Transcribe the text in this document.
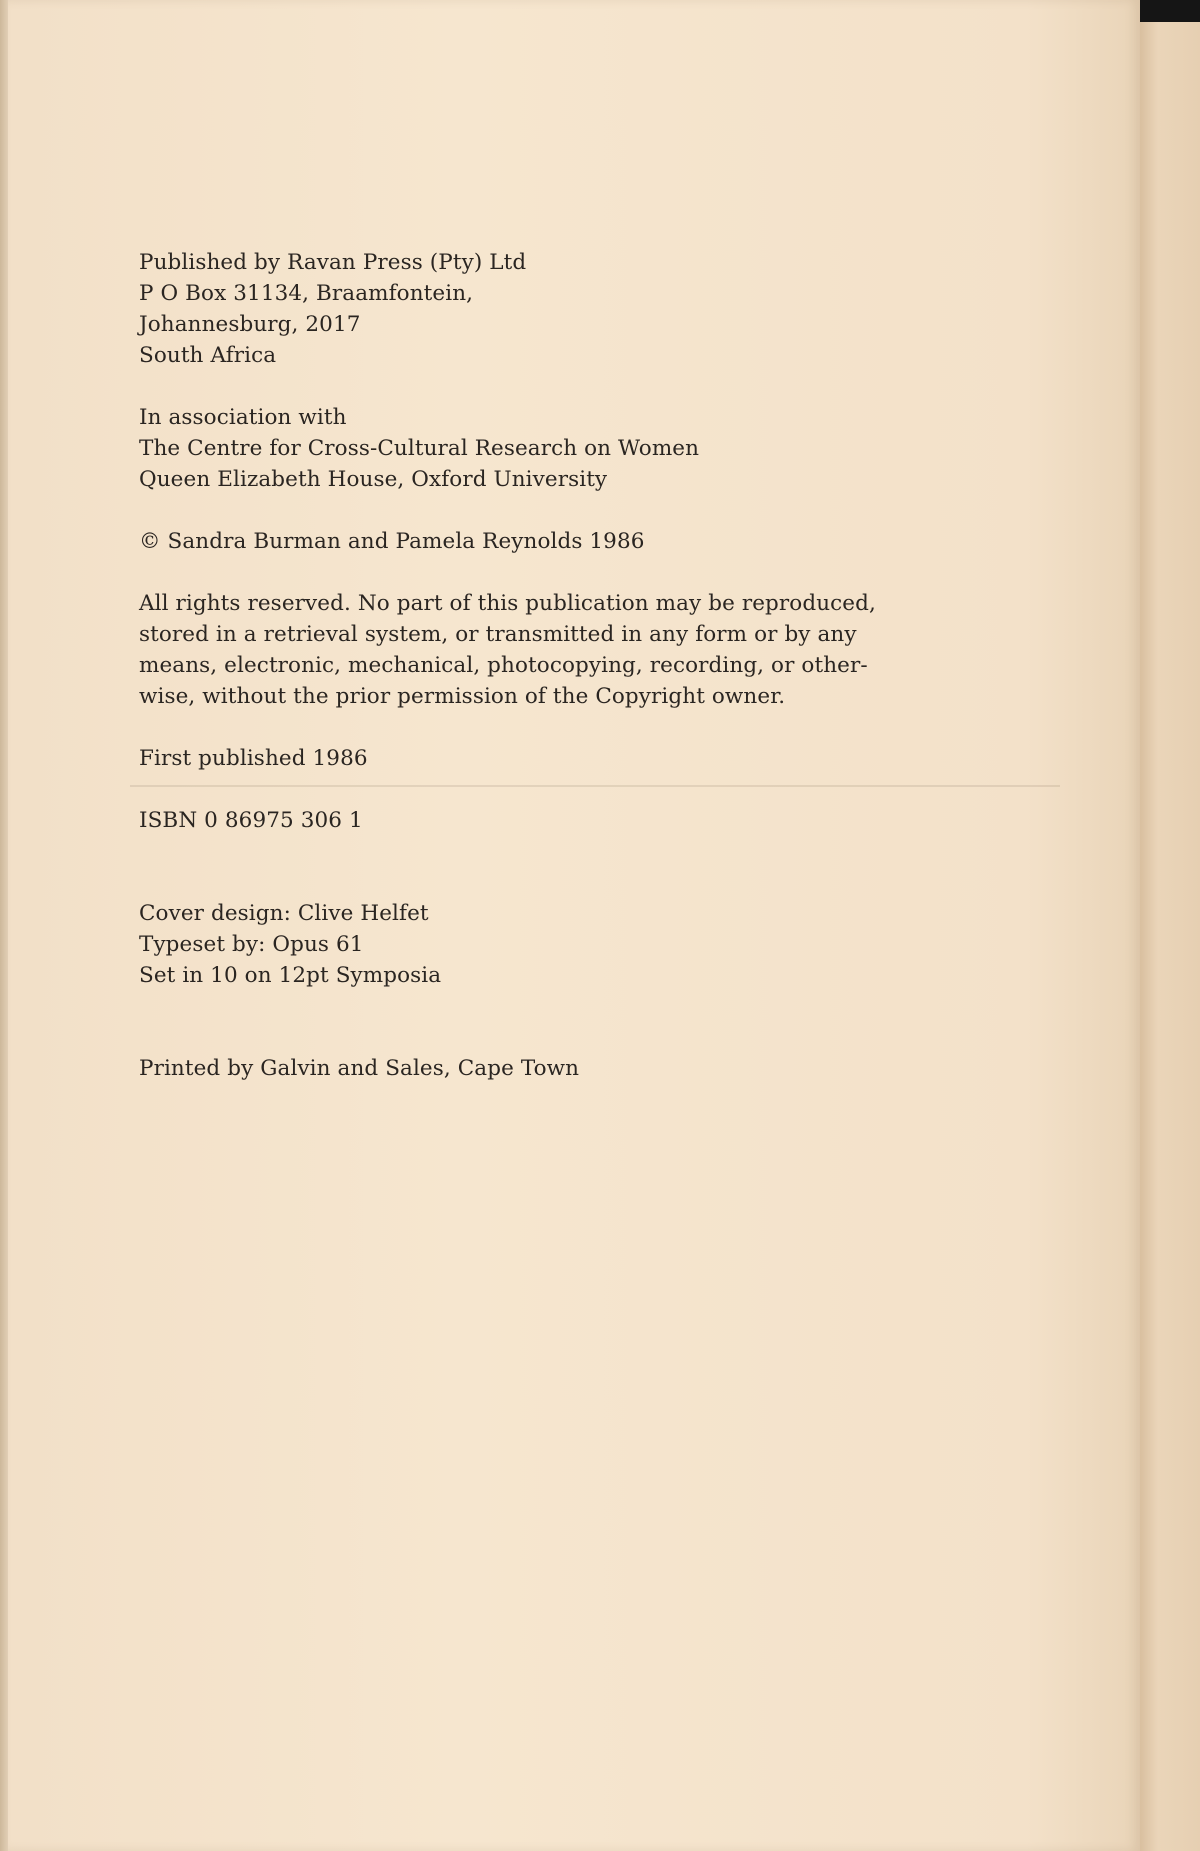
Published by Ravan Press (Pty) Ltd
P O Box 31134, Braamfontein,
Johannesburg, 2017
South Africa

In association with
The Centre for Cross-Cultural Research on Women
Queen Elizabeth House, Oxford University

© Sandra Burman and Pamela Reynolds 1986

All rights reserved. No part of this publication may be reproduced,
stored in a retrieval system, or transmitted in any form or by any
means, electronic, mechanical, photocopying, recording, or other-
wise, without the prior permission of the Copyright owner.

First published 1986

ISBN 0 86975 306 1

Cover design: Clive Helfet
Typeset by: Opus 61
Set in 10 on 12pt Symposia

Printed by Galvin and Sales, Cape Town
